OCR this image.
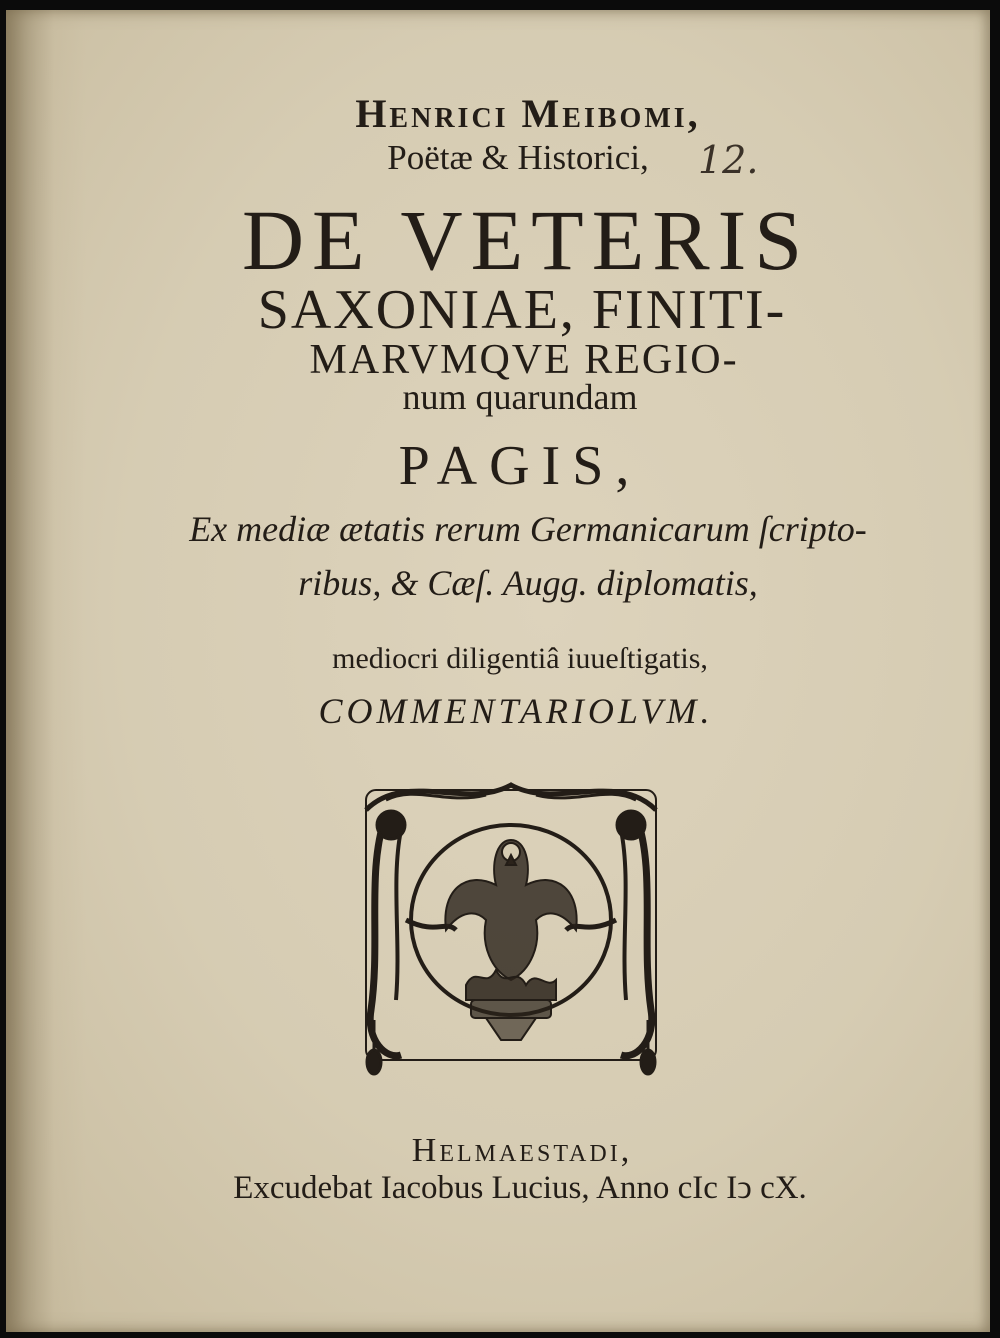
Henrici Meibomi,
Poëtæ & Historici,	12.
DE VETERIS
SAXONIAE, FINITI-
MARVMQVE REGIO-
num quarundam
PAGIS,
Ex mediæ ætatis rerum Germanicarum ſcripto-
ribus, & Cæſ. Augg. diplomatis,
mediocri diligentiâ iuueſtigatis,
COMMENTARIOLVM.
Helmaestadi,
Excudebat Iacobus Lucius, Anno cIc Iↄ cX.
